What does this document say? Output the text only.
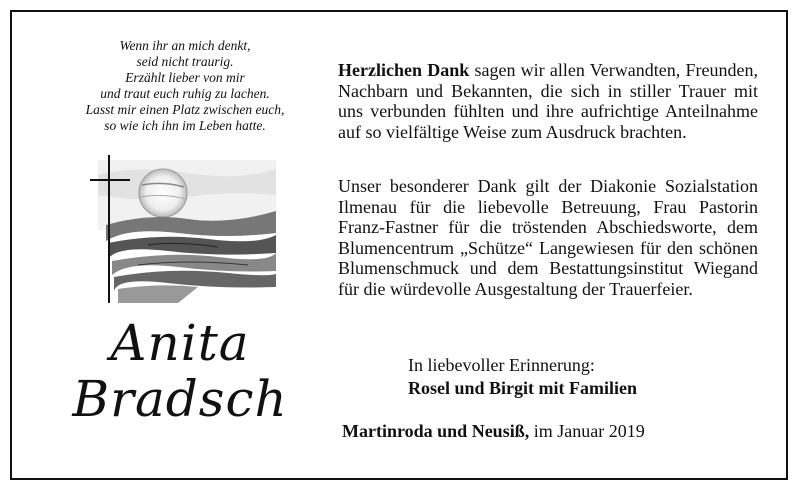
Wenn ihr an mich denkt,
seid nicht traurig.
Erzählt lieber von mir
und traut euch ruhig zu lachen.
Lasst mir einen Platz zwischen euch,
so wie ich ihn im Leben hatte.
Anita
Bradsch
Herzlichen Dank sagen wir allen Verwandten, Freunden, Nachbarn und Bekannten, die sich in stiller Trauer mit uns verbunden fühlten und ihre aufrichtige Anteilnahme auf so vielfältige Weise zum Ausdruck brachten.
Unser besonderer Dank gilt der Diakonie Sozialstation Ilmenau für die liebevolle Betreuung, Frau Pastorin Franz-Fastner für die tröstenden Abschiedsworte, dem Blumencentrum „Schütze“ Langewiesen für den schönen Blumenschmuck und dem Bestattungsinstitut Wiegand für die würdevolle Ausgestaltung der Trauerfeier.
In liebevoller Erinnerung:
Rosel und Birgit mit Familien
Martinroda und Neusiß, im Januar 2019
